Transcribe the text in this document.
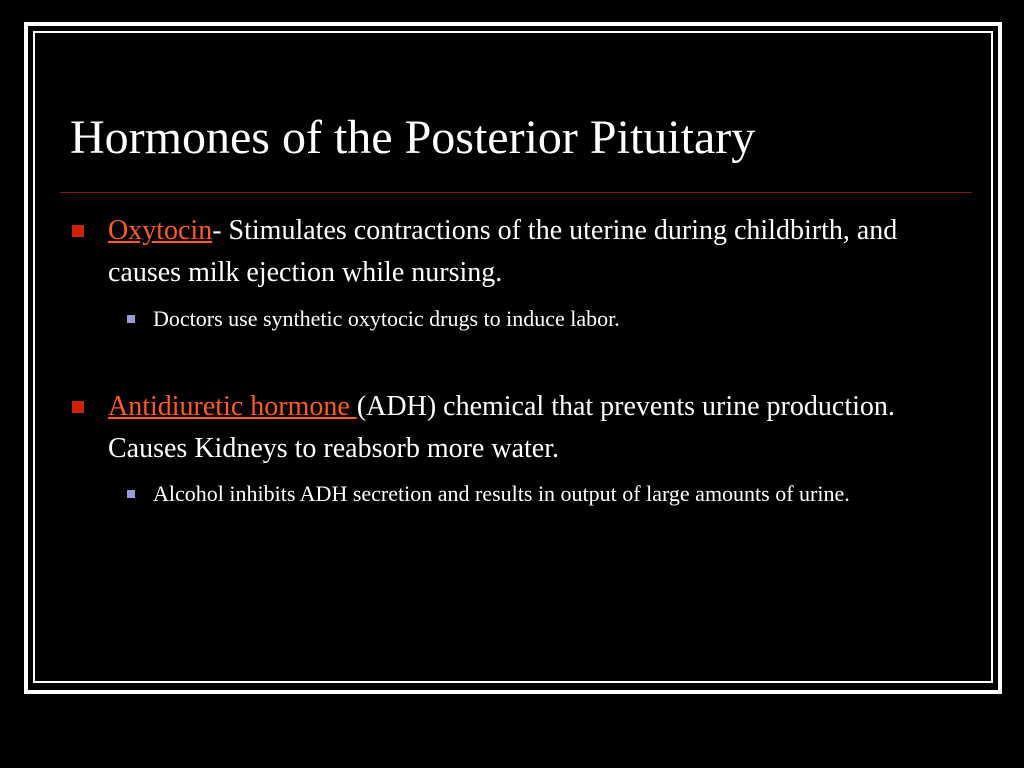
Hormones of the Posterior Pituitary
Oxytocin- Stimulates contractions of the uterine during childbirth, and causes milk ejection while nursing.
Doctors use synthetic oxytocic drugs to induce labor.
Antidiuretic hormone (ADH) chemical that prevents urine production. Causes Kidneys to reabsorb more water.
Alcohol inhibits ADH secretion and results in output of large amounts of urine.
